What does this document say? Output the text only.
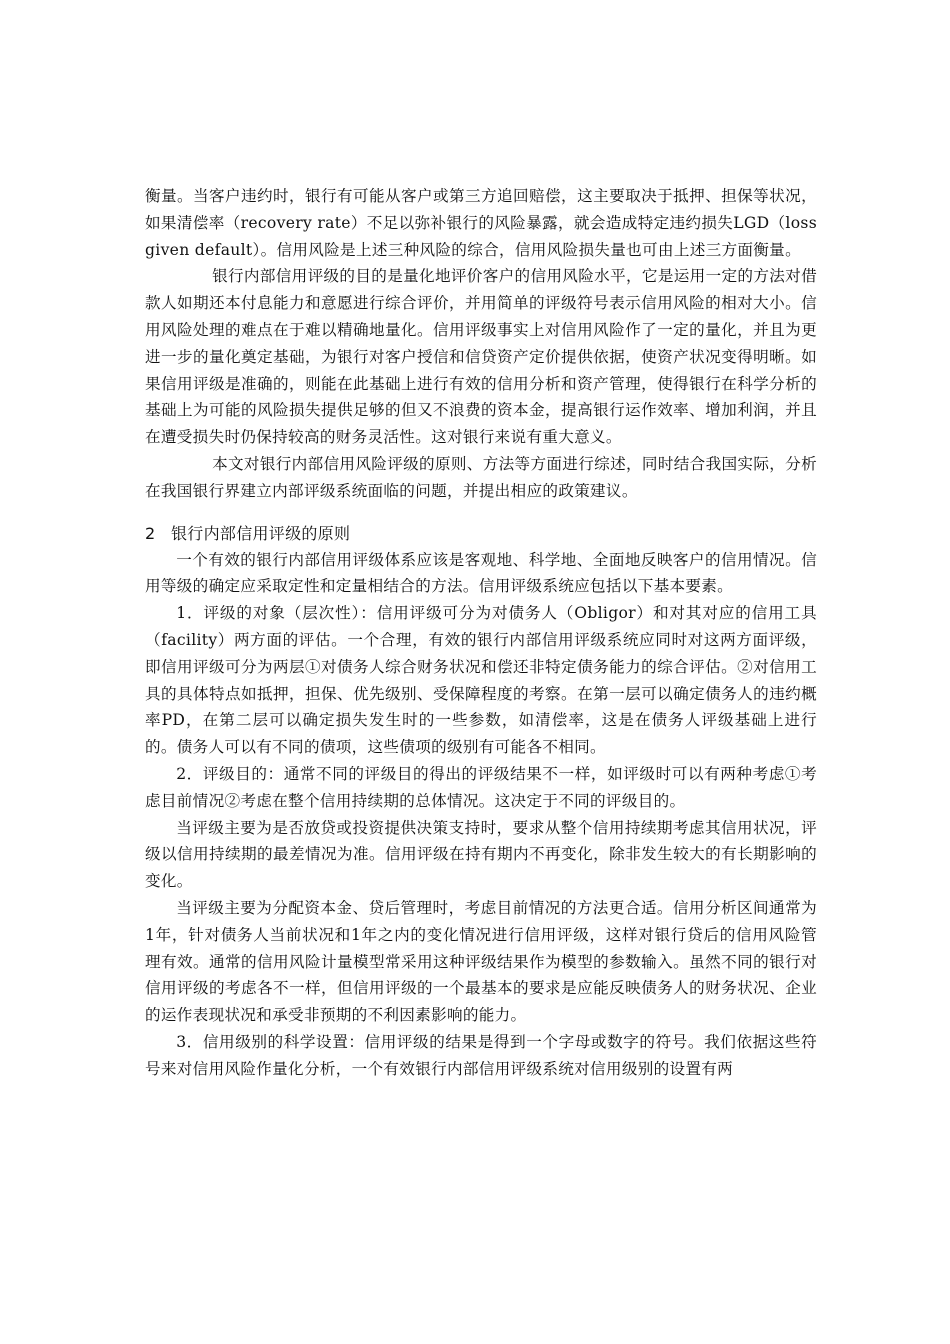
衡量。当客户违约时，银行有可能从客户或第三方追回赔偿，这主要取决于抵押、担保等状况，如果清偿率（recovery rate）不足以弥补银行的风险暴露，就会造成特定违约损失LGD（loss given default）。信用风险是上述三种风险的综合，信用风险损失量也可由上述三方面衡量。

银行内部信用评级的目的是量化地评价客户的信用风险水平，它是运用一定的方法对借款人如期还本付息能力和意愿进行综合评价，并用简单的评级符号表示信用风险的相对大小。信用风险处理的难点在于难以精确地量化。信用评级事实上对信用风险作了一定的量化，并且为更进一步的量化奠定基础，为银行对客户授信和信贷资产定价提供依据，使资产状况变得明晰。如果信用评级是准确的，则能在此基础上进行有效的信用分析和资产管理，使得银行在科学分析的基础上为可能的风险损失提供足够的但又不浪费的资本金，提高银行运作效率、增加利润，并且在遭受损失时仍保持较高的财务灵活性。这对银行来说有重大意义。

本文对银行内部信用风险评级的原则、方法等方面进行综述，同时结合我国实际，分析在我国银行界建立内部评级系统面临的问题，并提出相应的政策建议。

2 银行内部信用评级的原则

一个有效的银行内部信用评级体系应该是客观地、科学地、全面地反映客户的信用情况。信用等级的确定应采取定性和定量相结合的方法。信用评级系统应包括以下基本要素。

1．评级的对象（层次性）：信用评级可分为对债务人（Obligor）和对其对应的信用工具（facility）两方面的评估。一个合理，有效的银行内部信用评级系统应同时对这两方面评级，即信用评级可分为两层①对债务人综合财务状况和偿还非特定债务能力的综合评估。②对信用工具的具体特点如抵押，担保、优先级别、受保障程度的考察。在第一层可以确定债务人的违约概率PD，在第二层可以确定损失发生时的一些参数，如清偿率，这是在债务人评级基础上进行的。债务人可以有不同的债项，这些债项的级别有可能各不相同。

2．评级目的：通常不同的评级目的得出的评级结果不一样，如评级时可以有两种考虑①考虑目前情况②考虑在整个信用持续期的总体情况。这决定于不同的评级目的。

当评级主要为是否放贷或投资提供决策支持时，要求从整个信用持续期考虑其信用状况，评级以信用持续期的最差情况为准。信用评级在持有期内不再变化，除非发生较大的有长期影响的变化。

当评级主要为分配资本金、贷后管理时，考虑目前情况的方法更合适。信用分析区间通常为1年，针对债务人当前状况和1年之内的变化情况进行信用评级，这样对银行贷后的信用风险管理有效。通常的信用风险计量模型常采用这种评级结果作为模型的参数输入。虽然不同的银行对信用评级的考虑各不一样，但信用评级的一个最基本的要求是应能反映债务人的财务状况、企业的运作表现状况和承受非预期的不利因素影响的能力。

3．信用级别的科学设置：信用评级的结果是得到一个字母或数字的符号。我们依据这些符号来对信用风险作量化分析，一个有效银行内部信用评级系统对信用级别的设置有两
